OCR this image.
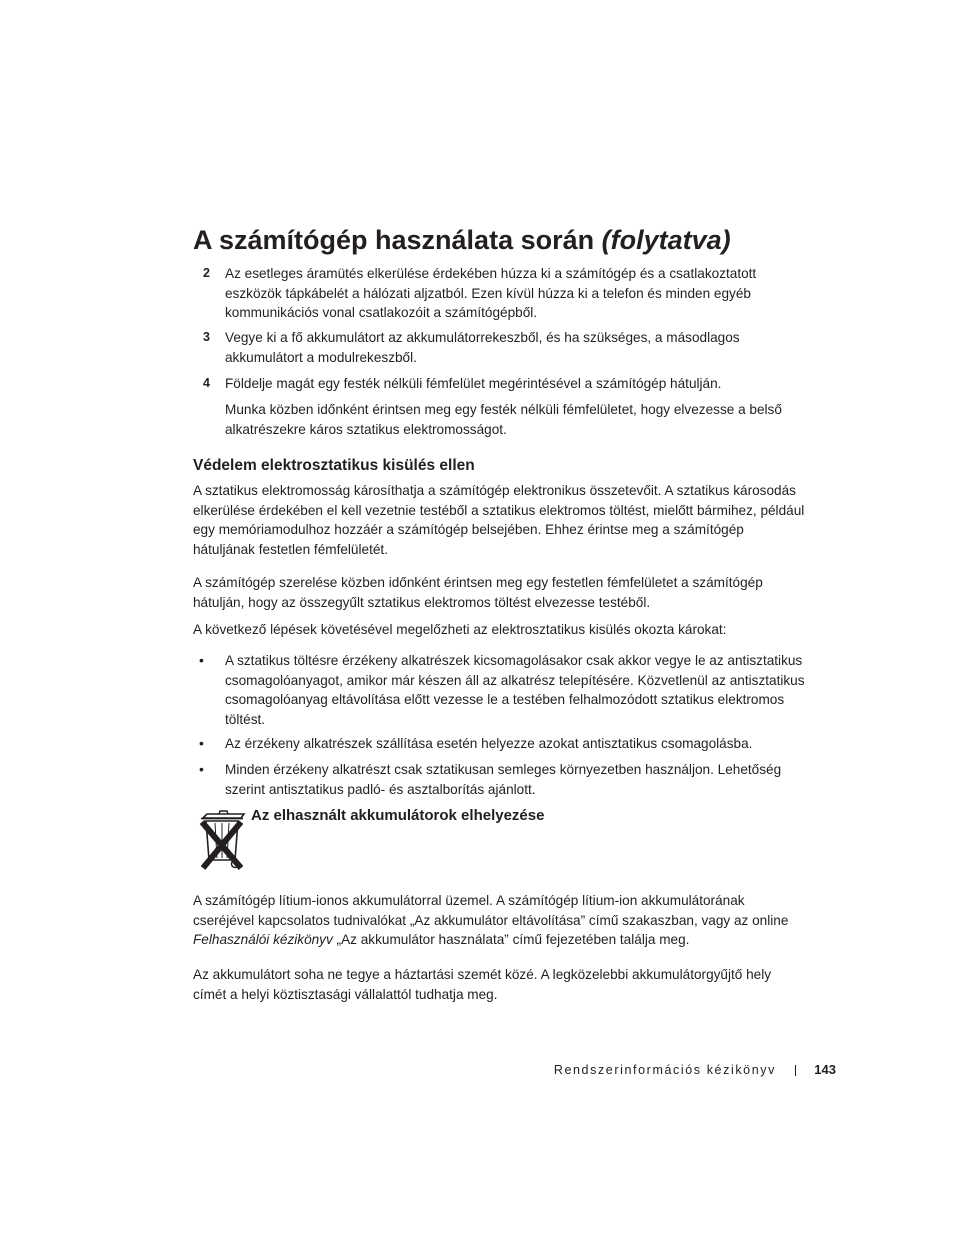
A számítógép használata során (folytatva)
2	Az esetleges áramütés elkerülése érdekében húzza ki a számítógép és a csatlakoztatott eszközök tápkábelét a hálózati aljzatból. Ezen kívül húzza ki a telefon és minden egyéb kommunikációs vonal csatlakozóit a számítógépből.

3	Vegye ki a fő akkumulátort az akkumulátorrekeszből, és ha szükséges, a másodlagos akkumulátort a modulrekeszből.

4	Földelje magát egy festék nélküli fémfelület megérintésével a számítógép hátulján.

Munka közben időnként érintsen meg egy festék nélküli fémfelületet, hogy elvezesse a belső alkatrészekre káros sztatikus elektromosságot.

Védelem elektrosztatikus kisülés ellen

A sztatikus elektromosság károsíthatja a számítógép elektronikus összetevőit. A sztatikus károsodás elkerülése érdekében el kell vezetnie testéből a sztatikus elektromos töltést, mielőtt bármihez, például egy memóriamodulhoz hozzáér a számítógép belsejében. Ehhez érintse meg a számítógép hátuljának festetlen fémfelületét.

A számítógép szerelése közben időnként érintsen meg egy festetlen fémfelületet a számítógép hátulján, hogy az összegyűlt sztatikus elektromos töltést elvezesse testéből.

A következő lépések követésével megelőzheti az elektrosztatikus kisülés okozta károkat:

• A sztatikus töltésre érzékeny alkatrészek kicsomagolásakor csak akkor vegye le az antisztatikus csomagolóanyagot, amikor már készen áll az alkatrész telepítésére. Közvetlenül az antisztatikus csomagolóanyag eltávolítása előtt vezesse le a testében felhalmozódott sztatikus elektromos töltést.

• Az érzékeny alkatrészek szállítása esetén helyezze azokat antisztatikus csomagolásba.

• Minden érzékeny alkatrészt csak sztatikusan semleges környezetben használjon. Lehetőség szerint antisztatikus padló- és asztalborítás ajánlott.

Az elhasznált akkumulátorok elhelyezése

A számítógép lítium-ionos akkumulátorral üzemel. A számítógép lítium-ion akkumulátorának cseréjével kapcsolatos tudnivalókat „Az akkumulátor eltávolítása” című szakaszban, vagy az online Felhasználói kézikönyv „Az akkumulátor használata” című fejezetében találja meg.

Az akkumulátort soha ne tegye a háztartási szemét közé. A legközelebbi akkumulátorgyűjtő hely címét a helyi köztisztasági vállalattól tudhatja meg.

Rendszerinformációs kézikönyv	143
